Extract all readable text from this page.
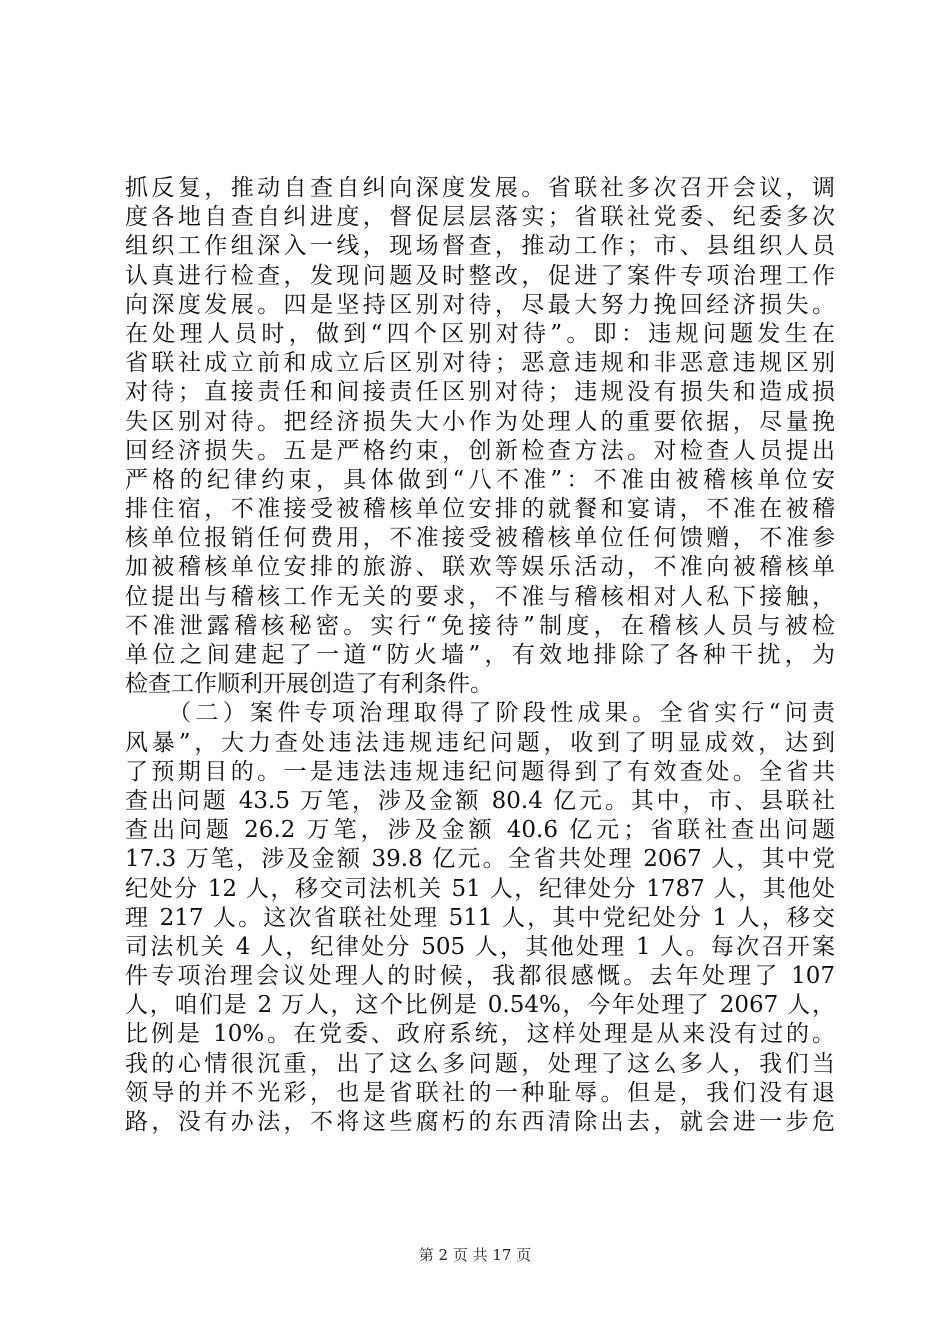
抓反复，推动自查自纠向深度发展。省联社多次召开会议，调
度各地自查自纠进度，督促层层落实；省联社党委、纪委多次
组织工作组深入一线，现场督查，推动工作；市、县组织人员
认真进行检查，发现问题及时整改，促进了案件专项治理工作
向深度发展。四是坚持区别对待，尽最大努力挽回经济损失。
在处理人员时，做到“四个区别对待”。即：违规问题发生在
省联社成立前和成立后区别对待；恶意违规和非恶意违规区别
对待；直接责任和间接责任区别对待；违规没有损失和造成损
失区别对待。把经济损失大小作为处理人的重要依据，尽量挽
回经济损失。五是严格约束，创新检查方法。对检查人员提出
严格的纪律约束，具体做到“八不准”：不准由被稽核单位安
排住宿，不准接受被稽核单位安排的就餐和宴请，不准在被稽
核单位报销任何费用，不准接受被稽核单位任何馈赠，不准参
加被稽核单位安排的旅游、联欢等娱乐活动，不准向被稽核单
位提出与稽核工作无关的要求，不准与稽核相对人私下接触，
不准泄露稽核秘密。实行“免接待”制度，在稽核人员与被检
单位之间建起了一道“防火墙”，有效地排除了各种干扰，为
检查工作顺利开展创造了有利条件。
　　（二）案件专项治理取得了阶段性成果。全省实行“问责
风暴”，大力查处违法违规违纪问题，收到了明显成效，达到
了预期目的。一是违法违规违纪问题得到了有效查处。全省共
查出问题 43.5 万笔，涉及金额 80.4 亿元。其中，市、县联社
查出问题 26.2 万笔，涉及金额 40.6 亿元；省联社查出问题
17.3 万笔，涉及金额 39.8 亿元。全省共处理 2067 人，其中党
纪处分 12 人，移交司法机关 51 人，纪律处分 1787 人，其他处
理 217 人。这次省联社处理 511 人，其中党纪处分 1 人，移交
司法机关 4 人，纪律处分 505 人，其他处理 1 人。每次召开案
件专项治理会议处理人的时候，我都很感慨。去年处理了 107
人，咱们是 2 万人，这个比例是 0.54%，今年处理了 2067 人，
比例是 10%。在党委、政府系统，这样处理是从来没有过的。
我的心情很沉重，出了这么多问题，处理了这么多人，我们当
领导的并不光彩，也是省联社的一种耻辱。但是，我们没有退
路，没有办法，不将这些腐朽的东西清除出去，就会进一步危
第 2 页 共 17 页
